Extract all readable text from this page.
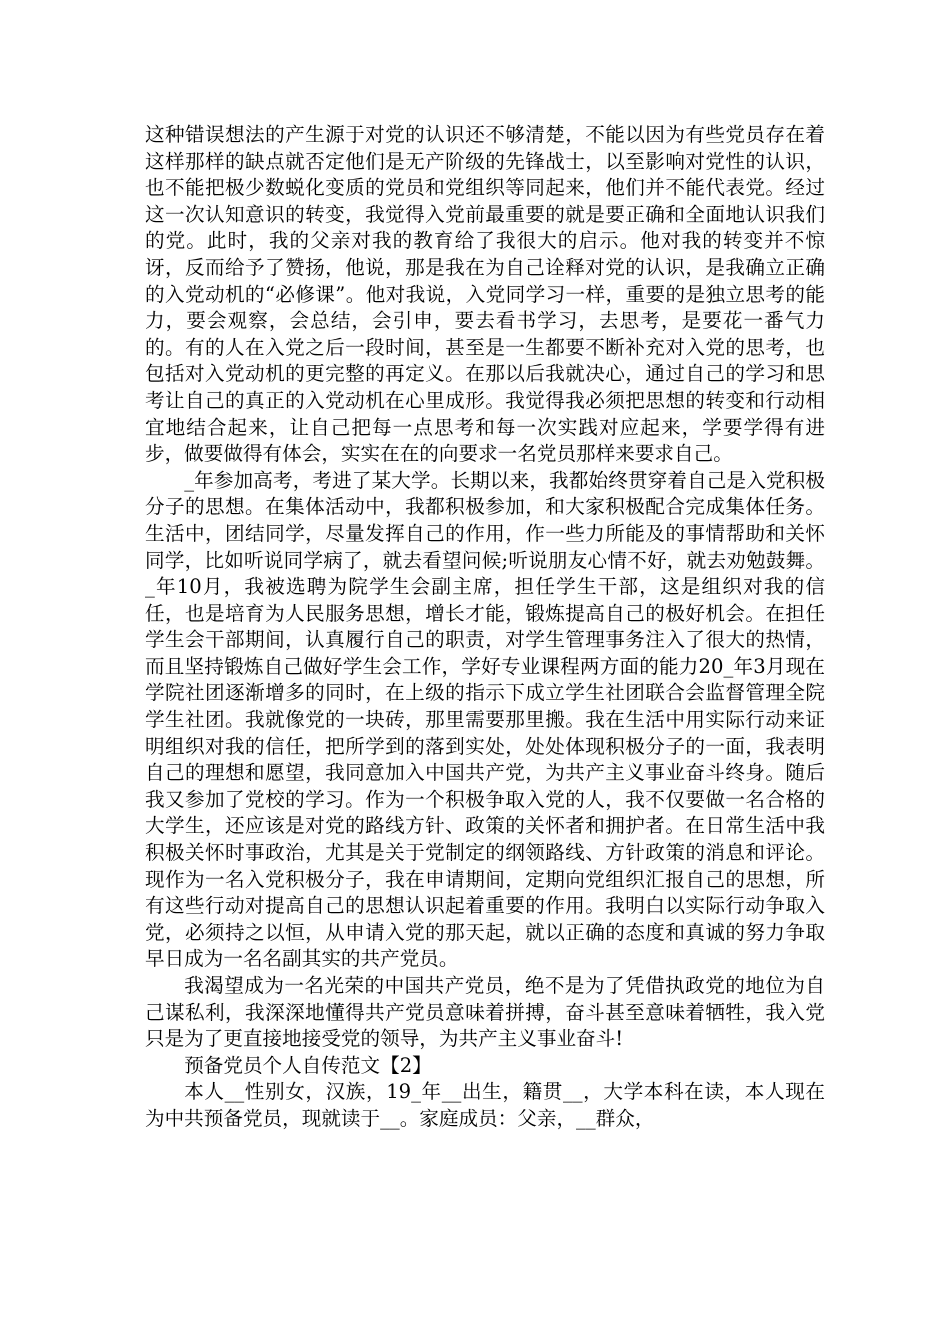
这种错误想法的产生源于对党的认识还不够清楚，不能以因为有些党员存在着这样那样的缺点就否定他们是无产阶级的先锋战士，以至影响对党性的认识，也不能把极少数蜕化变质的党员和党组织等同起来，他们并不能代表党。经过这一次认知意识的转变，我觉得入党前最重要的就是要正确和全面地认识我们的党。此时，我的父亲对我的教育给了我很大的启示。他对我的转变并不惊讶，反而给予了赞扬，他说，那是我在为自己诠释对党的认识，是我确立正确的入党动机的“必修课”。他对我说，入党同学习一样，重要的是独立思考的能力，要会观察，会总结，会引申，要去看书学习，去思考，是要花一番气力的。有的人在入党之后一段时间，甚至是一生都要不断补充对入党的思考，也包括对入党动机的更完整的再定义。在那以后我就决心，通过自己的学习和思考让自己的真正的入党动机在心里成形。我觉得我必须把思想的转变和行动相宜地结合起来，让自己把每一点思考和每一次实践对应起来，学要学得有进步，做要做得有体会，实实在在的向要求一名党员那样来要求自己。

_年参加高考，考进了某大学。长期以来，我都始终贯穿着自己是入党积极分子的思想。在集体活动中，我都积极参加，和大家积极配合完成集体任务。生活中，团结同学，尽量发挥自己的作用，作一些力所能及的事情帮助和关怀同学，比如听说同学病了，就去看望问候;听说朋友心情不好，就去劝勉鼓舞。_年10月，我被选聘为院学生会副主席，担任学生干部，这是组织对我的信任，也是培育为人民服务思想，增长才能，锻炼提高自己的极好机会。在担任学生会干部期间，认真履行自己的职责，对学生管理事务注入了很大的热情，而且坚持锻炼自己做好学生会工作，学好专业课程两方面的能力20_年3月现在学院社团逐渐增多的同时，在上级的指示下成立学生社团联合会监督管理全院学生社团。我就像党的一块砖，那里需要那里搬。我在生活中用实际行动来证明组织对我的信任，把所学到的落到实处，处处体现积极分子的一面，我表明自己的理想和愿望，我同意加入中国共产党，为共产主义事业奋斗终身。随后我又参加了党校的学习。作为一个积极争取入党的人，我不仅要做一名合格的大学生，还应该是对党的路线方针、政策的关怀者和拥护者。在日常生活中我积极关怀时事政治，尤其是关于党制定的纲领路线、方针政策的消息和评论。现作为一名入党积极分子，我在申请期间，定期向党组织汇报自己的思想，所有这些行动对提高自己的思想认识起着重要的作用。我明白以实际行动争取入党，必须持之以恒，从申请入党的那天起，就以正确的态度和真诚的努力争取早日成为一名名副其实的共产党员。

我渴望成为一名光荣的中国共产党员，绝不是为了凭借执政党的地位为自己谋私利，我深深地懂得共产党员意味着拼搏，奋斗甚至意味着牺牲，我入党只是为了更直接地接受党的领导，为共产主义事业奋斗!

预备党员个人自传范文【2】

本人__性别女，汉族，19_年__出生，籍贯__，大学本科在读，本人现在为中共预备党员，现就读于__。家庭成员：父亲，__群众，
